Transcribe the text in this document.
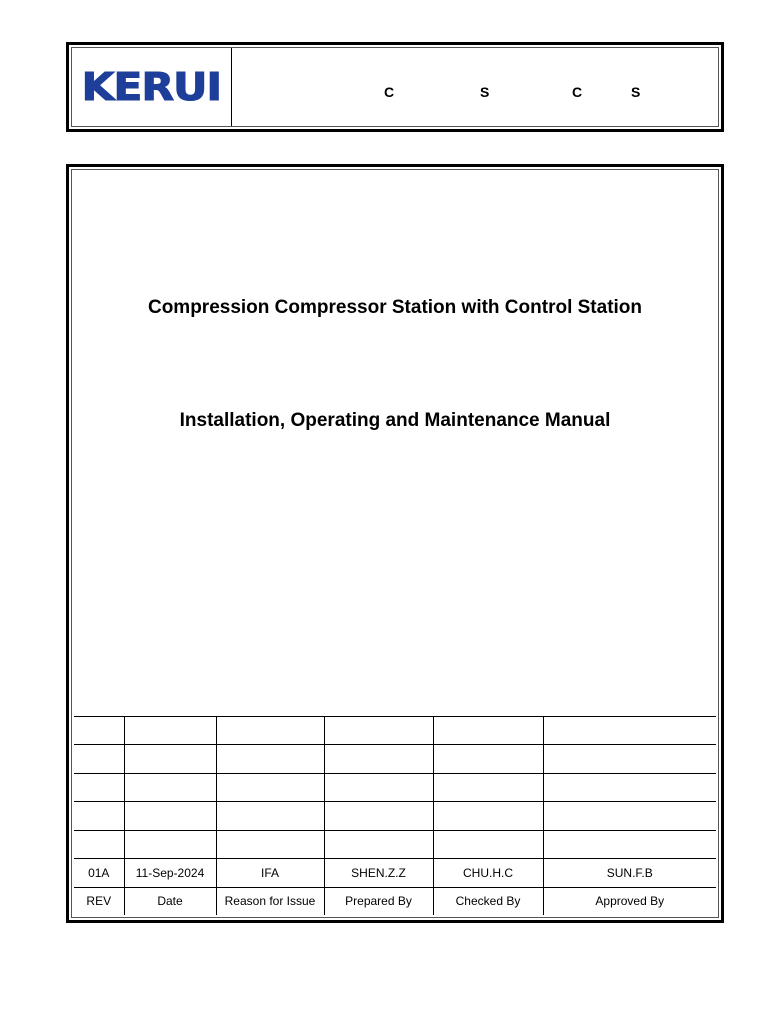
KERUI	C	S	C	S
Compression Compressor Station with Control Station
Installation, Operating and Maintenance Manual

01A	11-Sep-2024	IFA	SHEN.Z.Z	CHU.H.C	SUN.F.B
REV	Date	Reason for Issue	Prepared By	Checked By	Approved By
